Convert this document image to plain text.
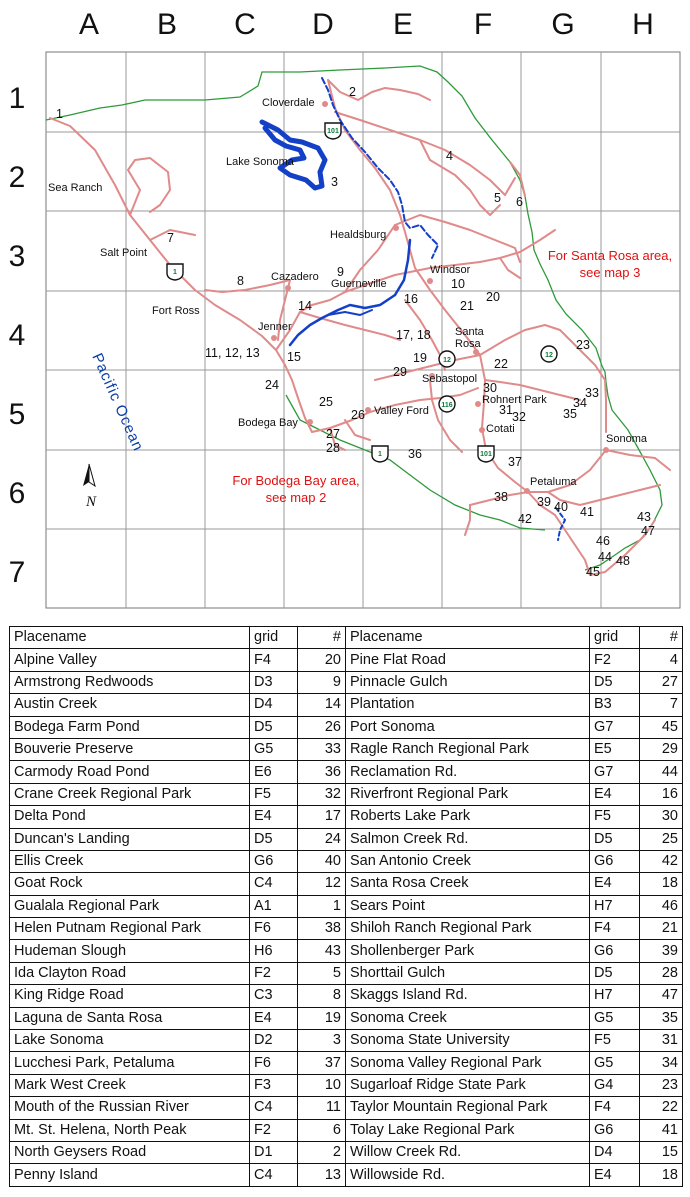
A B C D E F G H
1
2
3
4
5
6
7
101
1
12
12
116
1	101
Cloverdale
Lake Sonoma
Sea Ranch
Healdsburg
Salt Point
Cazadero
Guerneville
Windsor
Fort Ross
Jenner	Santa Rosa
Sebastopol
Rohnert Park
Cotati
Bodega Bay
Valley Ford
Sonoma
Petaluma
For Santa Rosa area,
see map 3
For Bodega Bay area,
see map 2
Pacific Ocean
N
1
2
3
4
5 6
7
8
9
10
11, 12, 13
14
15
16
17, 18
19
20
21
22
23
24
25
26
27
28
29
30
31 32
33
34
35
36
37
38 39 40 41
42	43
44
45
46
47
48
Placename	grid	#
Alpine Valley	F4	20
Armstrong Redwoods	D3	9
Austin Creek	D4	14
Bodega Farm Pond	D5	26
Bouverie Preserve	G5	33
Carmody Road Pond	E6	36
Crane Creek Regional Park	F5	32
Delta Pond	E4	17
Duncan's Landing	D5	24
Ellis Creek	G6	40
Goat Rock	C4	12
Gualala Regional Park	A1	1
Helen Putnam Regional Park	F6	38
Hudeman Slough	H6	43
Ida Clayton Road	F2	5
King Ridge Road	C3	8
Laguna de Santa Rosa	E4	19
Lake Sonoma	D2	3
Lucchesi Park, Petaluma	F6	37
Mark West Creek	F3	10
Mouth of the Russian River	C4	11
Mt. St. Helena, North Peak	F2	6
North Geysers Road	D1	2
Penny Island	C4	13
Placename	grid	#
Pine Flat Road	F2	4
Pinnacle Gulch	D5	27
Plantation	B3	7
Port Sonoma	G7	45
Ragle Ranch Regional Park	E5	29
Reclamation Rd.	G7	44
Riverfront Regional Park	E4	16
Roberts Lake Park	F5	30
Salmon Creek Rd.	D5	25
San Antonio Creek	G6	42
Santa Rosa Creek	E4	18
Sears Point	H7	46
Shiloh Ranch Regional Park	F4	21
Shollenberger Park	G6	39
Shorttail Gulch	D5	28
Skaggs Island Rd.	H7	47
Sonoma Creek	G5	35
Sonoma State University	F5	31
Sonoma Valley Regional Park	G5	34
Sugarloaf Ridge State Park	G4	23
Taylor Mountain Regional Park	F4	22
Tolay Lake Regional Park	G6	41
Willow Creek Rd.	D4	15
Willowside Rd.	E4	18
